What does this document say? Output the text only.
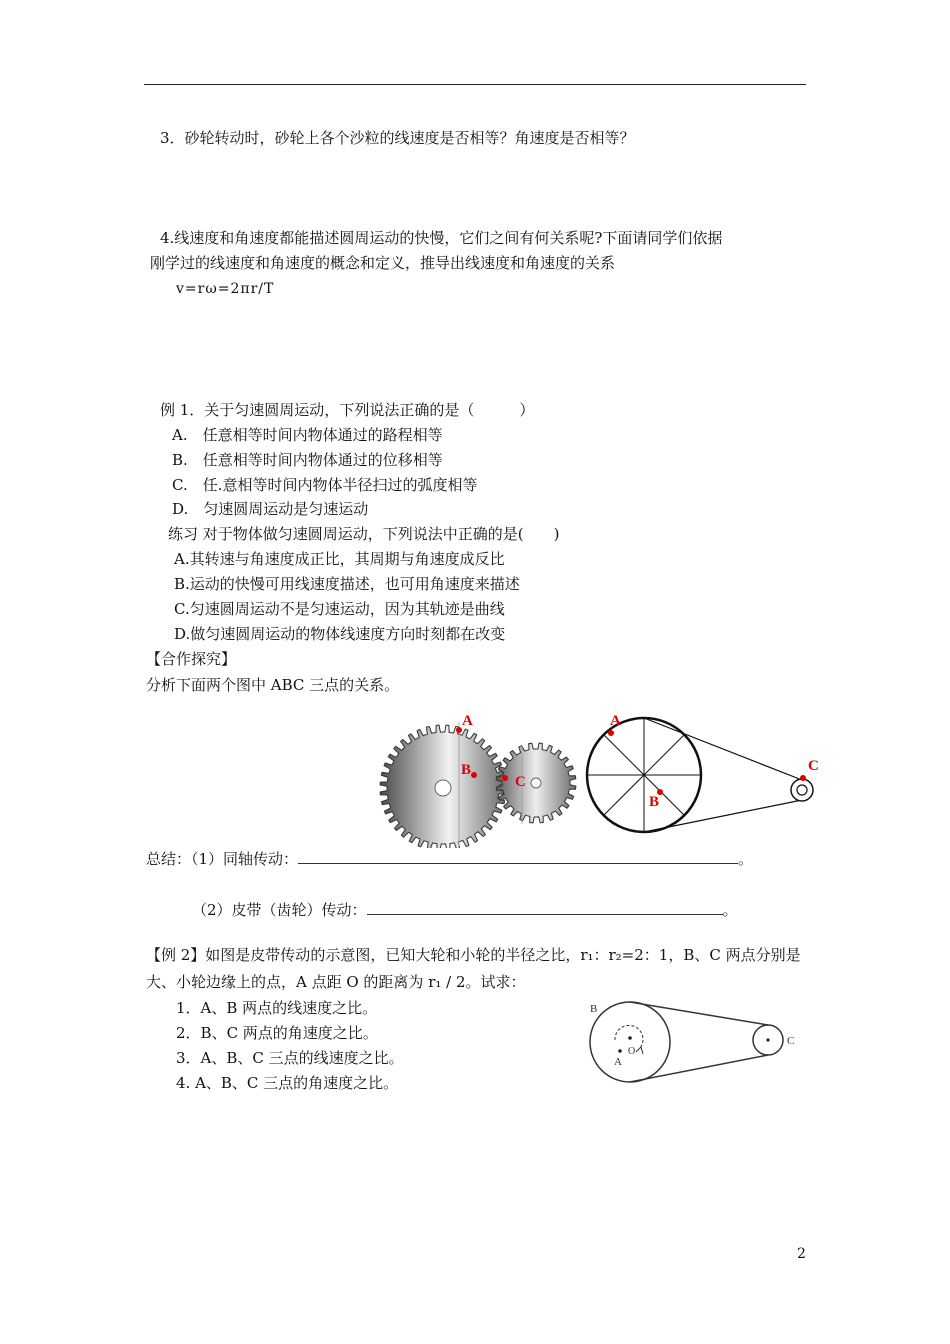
3．砂轮转动时，砂轮上各个沙粒的线速度是否相等？角速度是否相等？
4.线速度和角速度都能描述圆周运动的快慢，它们之间有何关系呢?下面请同学们依据
刚学过的线速度和角速度的概念和定义，推导出线速度和角速度的关系
v=rω=2πr/T
例 1．关于匀速圆周运动，下列说法正确的是（　　　）
A.　任意相等时间内物体通过的路程相等
B.　任意相等时间内物体通过的位移相等
C.　任.意相等时间内物体半径扫过的弧度相等
D.　匀速圆周运动是匀速运动
练习 对于物体做匀速圆周运动，下列说法中正确的是(　　)
A.其转速与角速度成正比，其周期与角速度成反比
B.运动的快慢可用线速度描述，也可用角速度来描述
C.匀速圆周运动不是匀速运动，因为其轨迹是曲线
D.做匀速圆周运动的物体线速度方向时刻都在改变
【合作探究】
分析下面两个图中 ABC 三点的关系。
A
B
C
A
B
C
总结：（1）同轴传动：	。
（2）皮带（齿轮）传动：	。
【例 2】如图是皮带传动的示意图，已知大轮和小轮的半径之比，r₁：r₂=2：1，B、C 两点分别是
大、小轮边缘上的点，A 点距 O 的距离为 r₁ / 2。试求：
1．A、B 两点的线速度之比。
2．B、C 两点的角速度之比。
3．A、B、C 三点的线速度之比。
4. A、B、C 三点的角速度之比。
B
O
A
C
2
